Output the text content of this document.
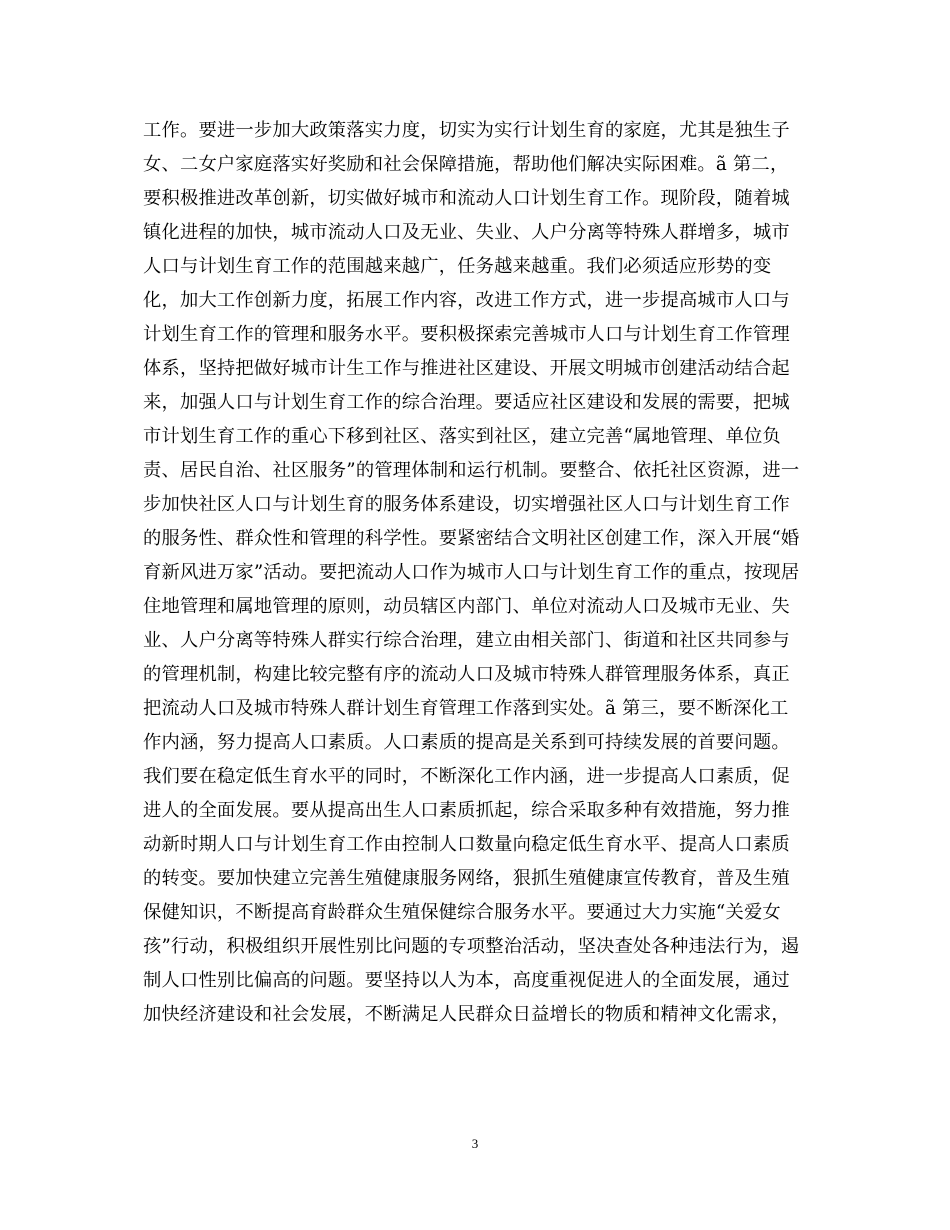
工作。要进一步加大政策落实力度，切实为实行计划生育的家庭，尤其是独生子
女、二女户家庭落实好奖励和社会保障措施，帮助他们解决实际困难。ã 第二，
要积极推进改革创新，切实做好城市和流动人口计划生育工作。现阶段，随着城
镇化进程的加快，城市流动人口及无业、失业、人户分离等特殊人群增多，城市
人口与计划生育工作的范围越来越广，任务越来越重。我们必须适应形势的变
化，加大工作创新力度，拓展工作内容，改进工作方式，进一步提高城市人口与
计划生育工作的管理和服务水平。要积极探索完善城市人口与计划生育工作管理
体系，坚持把做好城市计生工作与推进社区建设、开展文明城市创建活动结合起
来，加强人口与计划生育工作的综合治理。要适应社区建设和发展的需要，把城
市计划生育工作的重心下移到社区、落实到社区，建立完善“属地管理、单位负
责、居民自治、社区服务”的管理体制和运行机制。要整合、依托社区资源，进一
步加快社区人口与计划生育的服务体系建设，切实增强社区人口与计划生育工作
的服务性、群众性和管理的科学性。要紧密结合文明社区创建工作，深入开展“婚
育新风进万家”活动。要把流动人口作为城市人口与计划生育工作的重点，按现居
住地管理和属地管理的原则，动员辖区内部门、单位对流动人口及城市无业、失
业、人户分离等特殊人群实行综合治理，建立由相关部门、街道和社区共同参与
的管理机制，构建比较完整有序的流动人口及城市特殊人群管理服务体系，真正
把流动人口及城市特殊人群计划生育管理工作落到实处。ã 第三，要不断深化工
作内涵，努力提高人口素质。人口素质的提高是关系到可持续发展的首要问题。
我们要在稳定低生育水平的同时，不断深化工作内涵，进一步提高人口素质，促
进人的全面发展。要从提高出生人口素质抓起，综合采取多种有效措施，努力推
动新时期人口与计划生育工作由控制人口数量向稳定低生育水平、提高人口素质
的转变。要加快建立完善生殖健康服务网络，狠抓生殖健康宣传教育，普及生殖
保健知识，不断提高育龄群众生殖保健综合服务水平。要通过大力实施“关爱女
孩”行动，积极组织开展性别比问题的专项整治活动，坚决查处各种违法行为，遏
制人口性别比偏高的问题。要坚持以人为本，高度重视促进人的全面发展，通过
加快经济建设和社会发展，不断满足人民群众日益增长的物质和精神文化需求，
3
